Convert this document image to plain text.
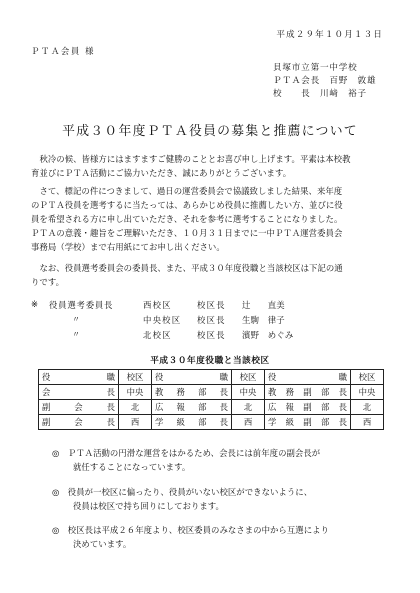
平成２９年１０月１３日
ＰＴＡ会員 様
貝塚市立第一中学校
ＰＴＡ会長　百野　敦雄
校　　長　川﨑　裕子
平成３０年度ＰＴＡ役員の募集と推薦について
　秋冷の候、皆様方にはますますご健勝のこととお喜び申し上げます。平素は本校教
育並びにＰＴＡ活動にご協力いただき、誠にありがとうございます。
　さて、標記の件につきまして、過日の運営委員会で協議致しました結果、来年度
のＰＴＡ役員を選考するに当たっては、あらかじめ役員に推薦したい方、並びに役
員を希望される方に申し出ていただき、それを参考に選考することになりました。
ＰＴＡの意義・趣旨をご理解いただき、１０月３１日までに一中ＰＴＡ運営委員会
事務局（学校）まで右用紙にてお申し出ください。
　なお、役員選考委員会の委員長、また、平成３０年度役職と当該校区は下記の通
りです。
※ 役員選考委員長	西校区	校区長 辻　　直美
〃	中央校区 校区長 生駒　律子
〃	北校区	校区長 濱野　めぐみ
平成３０年度役職と当該校区
役職	校区	役職	校区	役職	校区
会長	中央	教務部長	中央	教務副部長	中央
副会長	北	広報部長	北	広報副部長	北
副会長	西	学級部長	西	学級副部長	西
◎　 ＰＴＡ活動の円滑な運営をはかるため、会長には前年度の副会長が
就任することになっています。
◎　 役員が一校区に偏ったり、役員がいない校区ができないように、
役員は校区で持ち回りにしております。
◎　 校区長は平成２６年度より、校区委員のみなさまの中から互選により
決めています。
